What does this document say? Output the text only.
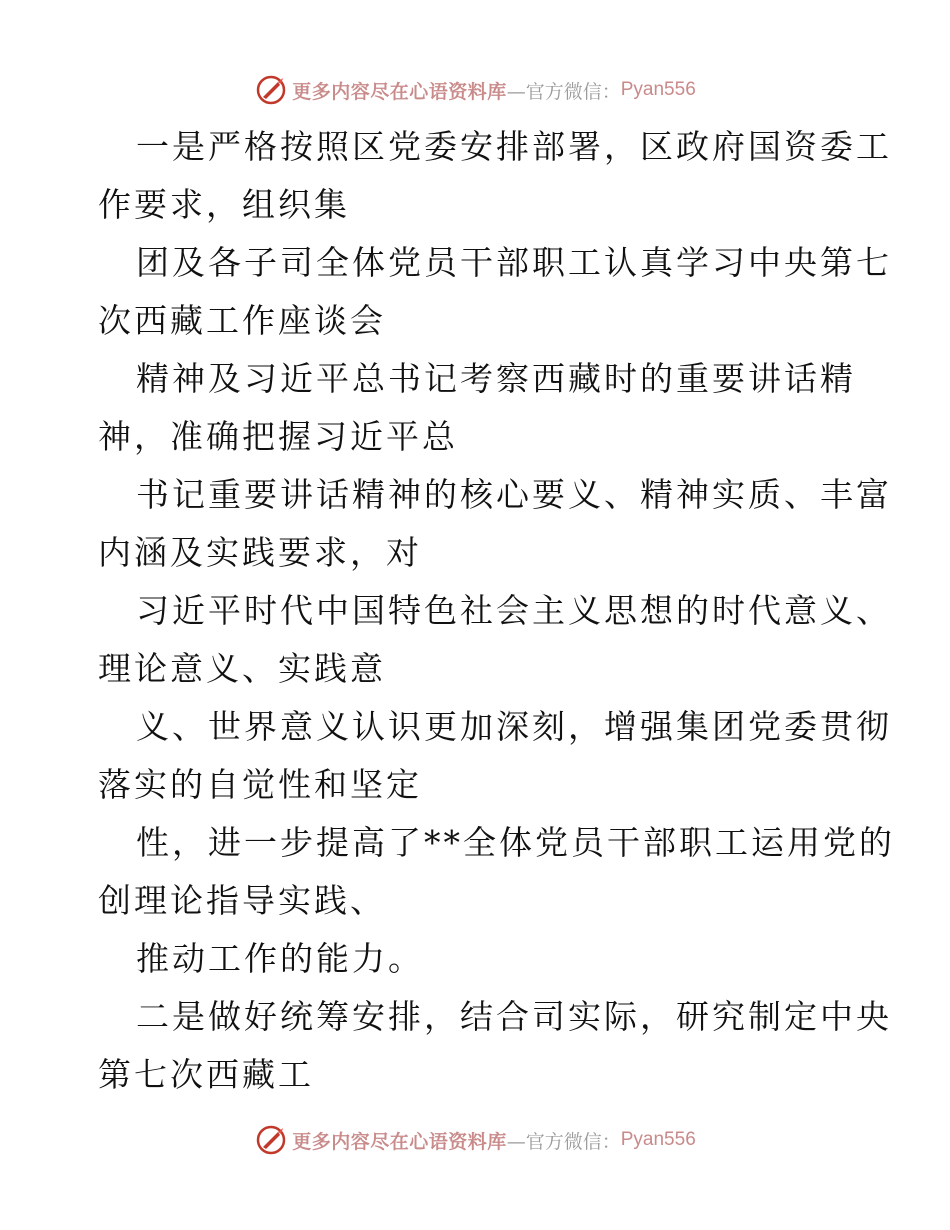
更多内容尽在心语资料库 —官方微信： Pyan556
一是严格按照区党委安排部署，区政府国资委工
作要求，组织集
团及各子司全体党员干部职工认真学习中央第七
次西藏工作座谈会
精神及习近平总书记考察西藏时的重要讲话精
神，准确把握习近平总
书记重要讲话精神的核心要义、精神实质、丰富
内涵及实践要求，对
习近平时代中国特色社会主义思想的时代意义、
理论意义、实践意
义、世界意义认识更加深刻，增强集团党委贯彻
落实的自觉性和坚定
性，进一步提高了**全体党员干部职工运用党的
创理论指导实践、
推动工作的能力。
二是做好统筹安排，结合司实际，研究制定中央
第七次西藏工
更多内容尽在心语资料库 —官方微信： Pyan556
